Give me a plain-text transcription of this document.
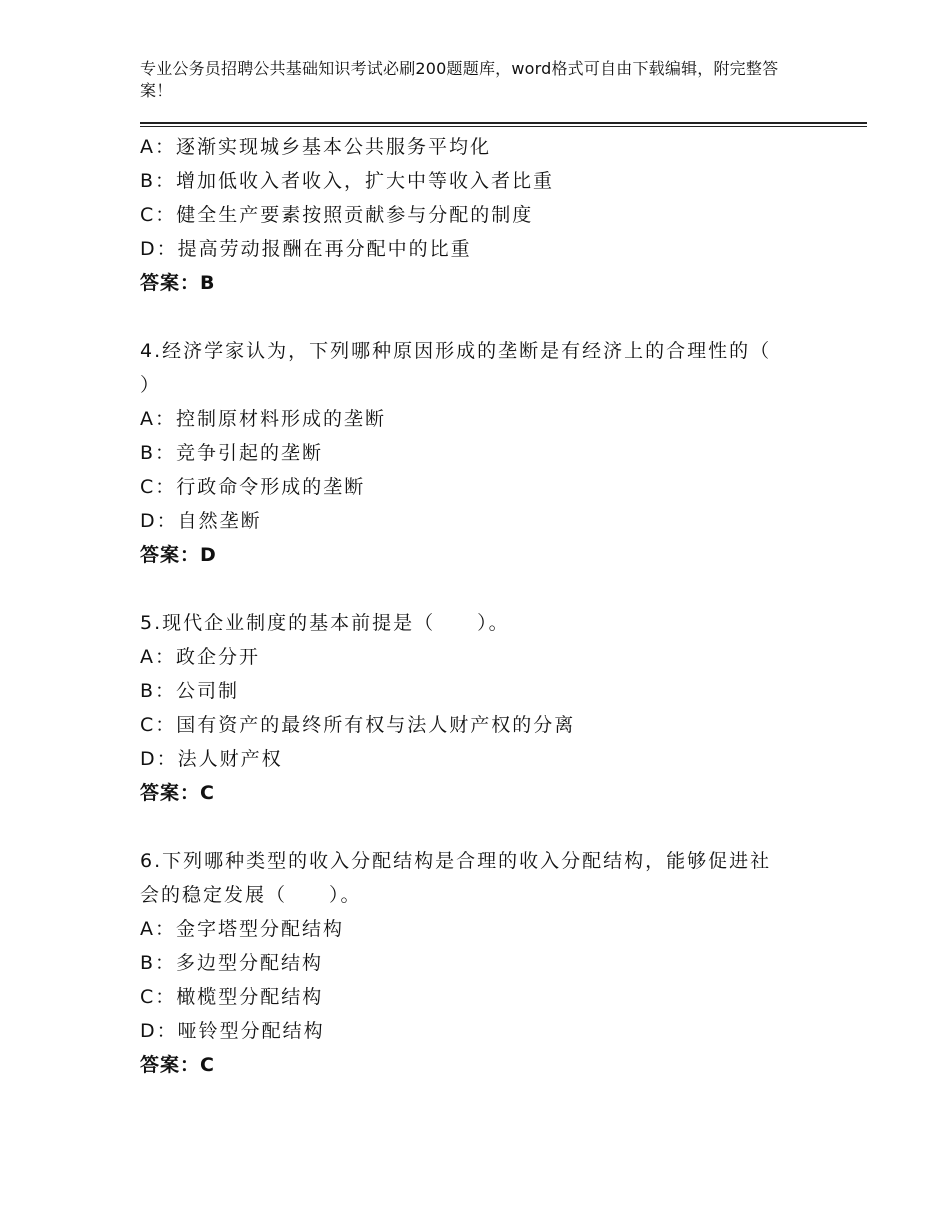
专业公务员招聘公共基础知识考试必刷200题题库，word格式可自由下载编辑，附完整答案！
A：逐渐实现城乡基本公共服务平均化
B：增加低收入者收入，扩大中等收入者比重
C：健全生产要素按照贡献参与分配的制度
D：提高劳动报酬在再分配中的比重
答案：B
4.经济学家认为，下列哪种原因形成的垄断是有经济上的合理性的（
）
A：控制原材料形成的垄断
B：竞争引起的垄断
C：行政命令形成的垄断
D：自然垄断
答案：D
5.现代企业制度的基本前提是（　　）。
A：政企分开
B：公司制
C：国有资产的最终所有权与法人财产权的分离
D：法人财产权
答案：C
6.下列哪种类型的收入分配结构是合理的收入分配结构，能够促进社
会的稳定发展（　　）。
A：金字塔型分配结构
B：多边型分配结构
C：橄榄型分配结构
D：哑铃型分配结构
答案：C
